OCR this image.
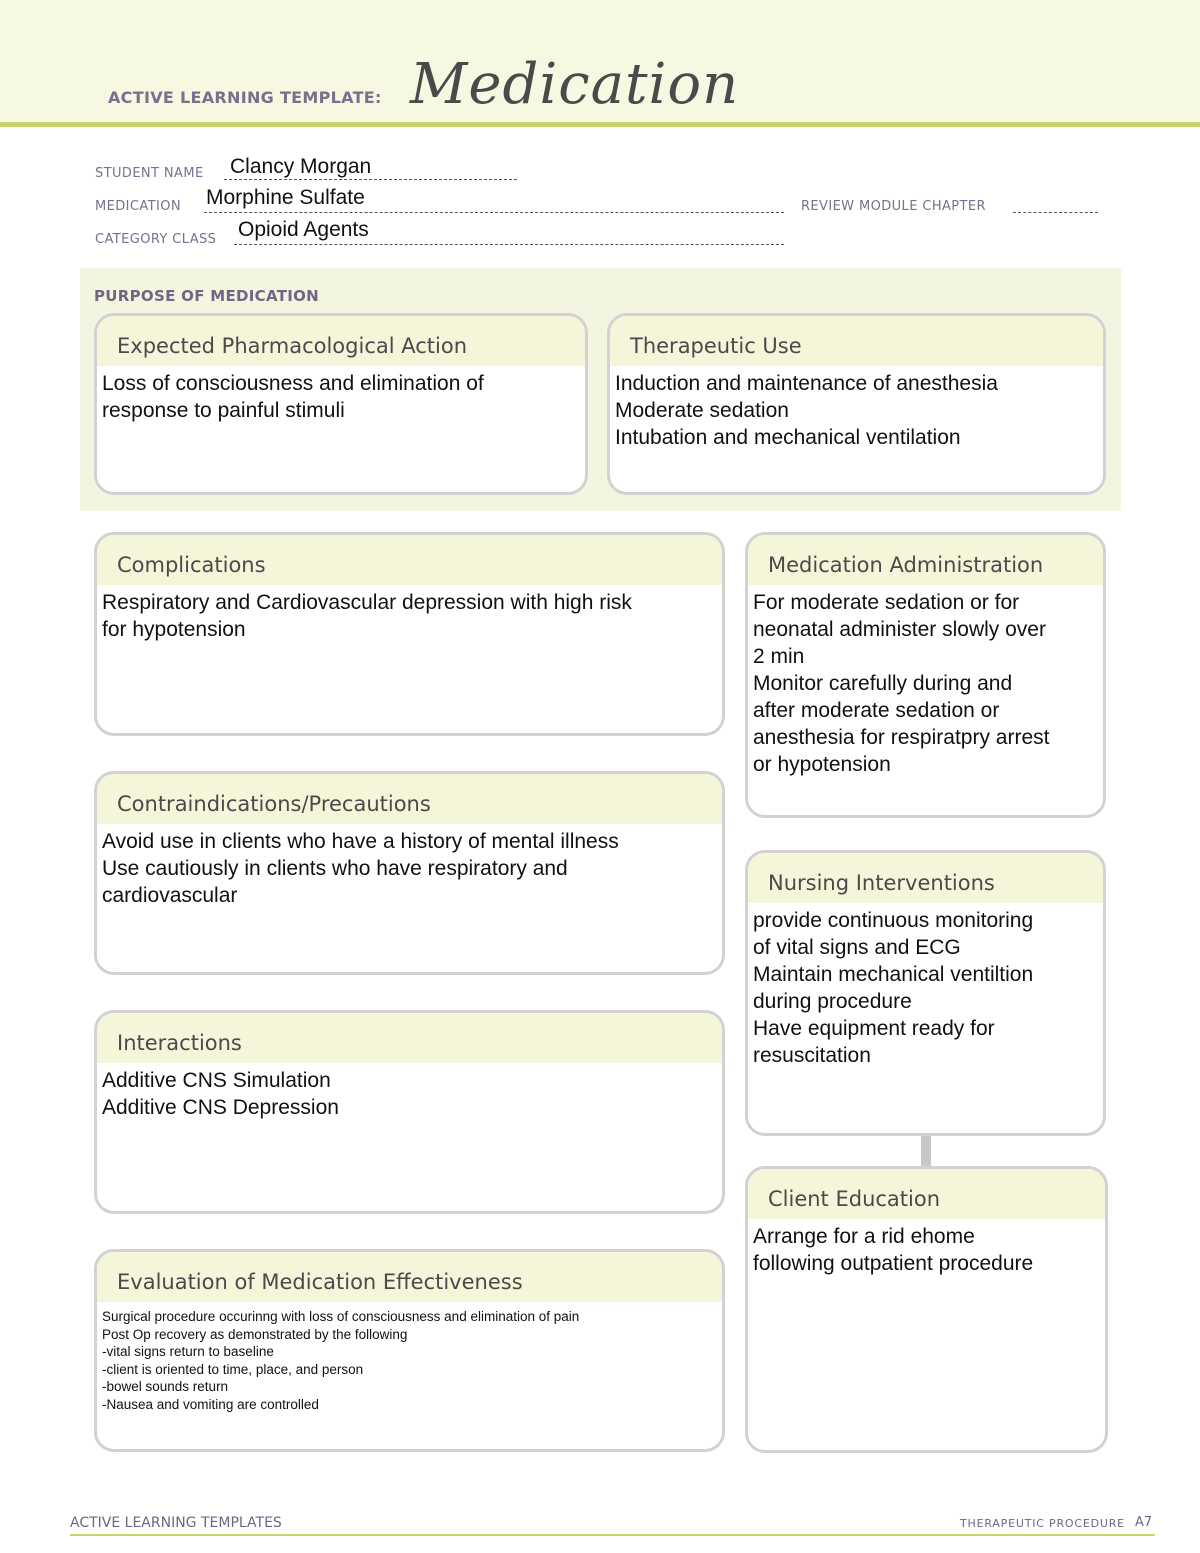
ACTIVE LEARNING TEMPLATE: Medication
STUDENT NAME Clancy Morgan
MEDICATION Morphine Sulfate	REVIEW MODULE CHAPTER
CATEGORY CLASS Opioid Agents
PURPOSE OF MEDICATION
Expected Pharmacological Action
Loss of consciousness and elimination of
response to painful stimuli
Therapeutic Use
Induction and maintenance of anesthesia
Moderate sedation
Intubation and mechanical ventilation
Complications
Respiratory and Cardiovascular depression with high risk
for hypotension
Contraindications/Precautions
Avoid use in clients who have a history of mental illness
Use cautiously in clients who have respiratory and
cardiovascular
Interactions
Additive CNS Simulation
Additive CNS Depression
Evaluation of Medication Effectiveness
Surgical procedure occurinng with loss of consciousness and elimination of pain
Post Op recovery as demonstrated by the following
-vital signs return to baseline
-client is oriented to time, place, and person
-bowel sounds return
-Nausea and vomiting are controlled
Medication Administration
For moderate sedation or for
neonatal administer slowly over
2 min
Monitor carefully during and
after moderate sedation or
anesthesia for respiratpry arrest
or hypotension
Nursing Interventions
provide continuous monitoring
of vital signs and ECG
Maintain mechanical ventiltion
during procedure
Have equipment ready for
resuscitation
Client Education
Arrange for a rid ehome
following outpatient procedure
ACTIVE LEARNING TEMPLATES	THERAPEUTIC PROCEDURE A7
